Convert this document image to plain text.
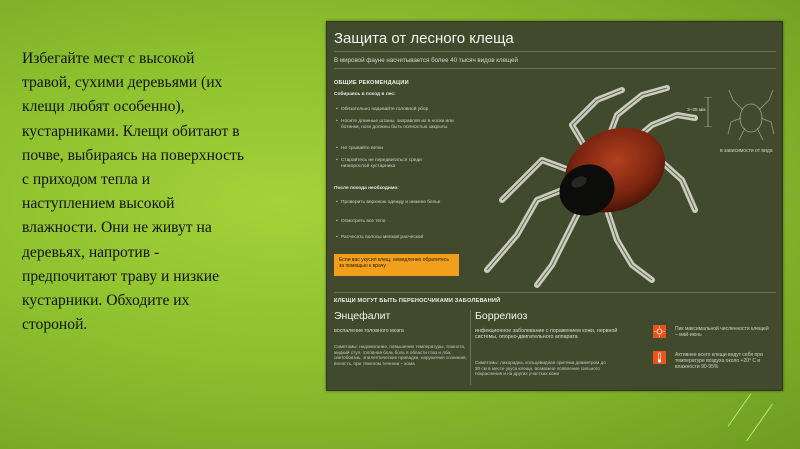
Избегайте мест с высокой
травой, сухими деревьями (их
клещи любят особенно),
кустарниками. Клещи обитают в
почве, выбираясь на поверхность
с приходом тепла и
наступлением высокой
влажности. Они не живут на
деревьях, напротив -
предпочитают траву и низкие
кустарники. Обходите их
стороной.
Защита от лесного клеща
В мировой фауне насчитывается более 40 тысяч видов клещей
ОБЩИЕ РЕКОМЕНДАЦИИ
Собираясь в поход в лес:
• Обязательно надевайте головной убор
• Носите длинные штаны, заправляя их в носки или ботинки, ноги должны быть полностью закрыты
• Не срывайте ветки
• Старайтесь не передвигаться среди низкорослой кустарника
После похода необходимо:
• Проверить верхнюю одежду и нижнее белье
• Осмотреть все тело
• Расчесать волосы мелкой расческой
Если вас укусил клещ, немедленно обратитесь за помощью к врачу
3–25 мм
в зависимости от вида
КЛЕЩИ МОГУТ БЫТЬ ПЕРЕНОСЧИКАМИ ЗАБОЛЕВАНИЙ
Энцефалит
воспаление головного мозга
Симптомы: недомогание, повышение температуры, тошнота, жидкий стул, головная боль боль в области глаз и лба, светобоязнь, эпилептические припадки, нарушения сознания, вялость, при тяжелом течении – кома
Боррелиоз
инфекционное заболевание с поражением кожи, нервной системы, опорно-двигательного аппарата
Симптомы: лихорадка, кольцевидная эритема диаметром до 20 см в месте укуса клеща, возможно появление сильного покраснения и на других участках кожи
Пик максимальной численности клещей – май-июнь
Активнее всего клещи ведут себя при температуре воздуха около +20° С и влажности 90-95%
